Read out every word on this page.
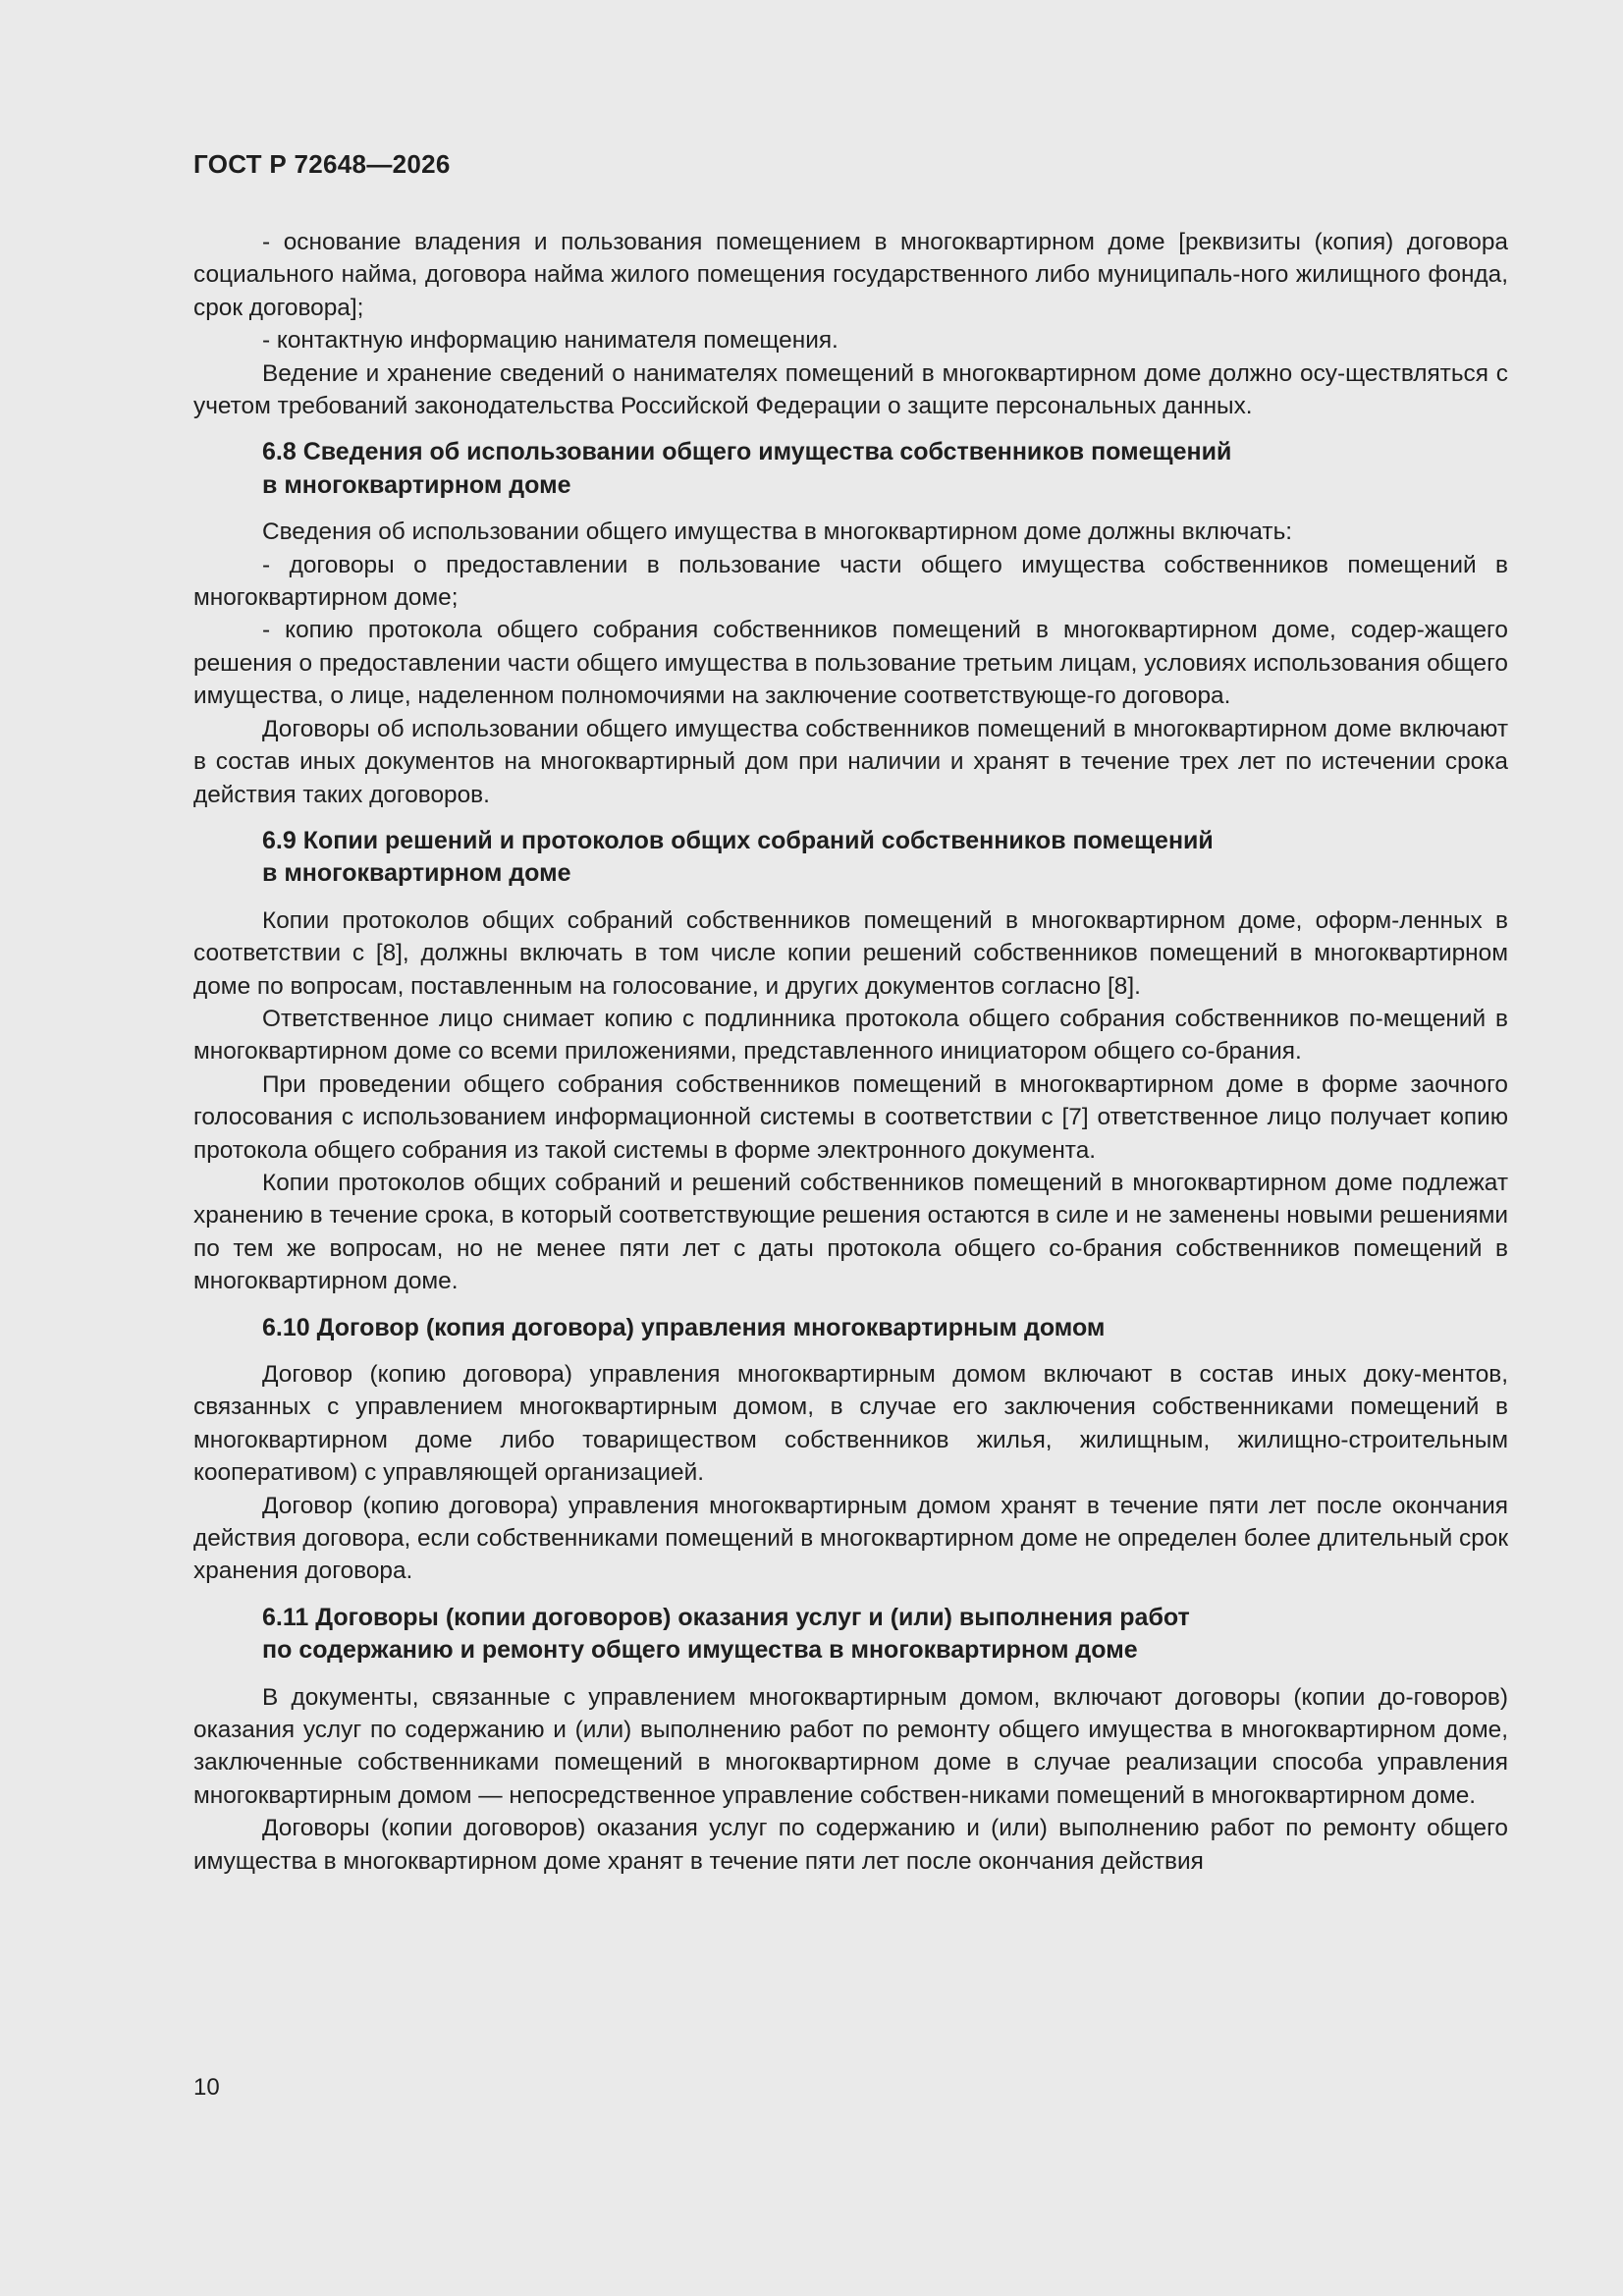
ГОСТ Р 72648—2026

- основание владения и пользования помещением в многоквартирном доме [реквизиты (копия) договора социального найма, договора найма жилого помещения государственного либо муниципаль-ного жилищного фонда, срок договора];

- контактную информацию нанимателя помещения.

Ведение и хранение сведений о нанимателях помещений в многоквартирном доме должно осу-ществляться с учетом требований законодательства Российской Федерации о защите персональных данных.

6.8 Сведения об использовании общего имущества собственников помещений
в многоквартирном доме

Сведения об использовании общего имущества в многоквартирном доме должны включать:

- договоры о предоставлении в пользование части общего имущества собственников помещений в многоквартирном доме;

- копию протокола общего собрания собственников помещений в многоквартирном доме, содер-жащего решения о предоставлении части общего имущества в пользование третьим лицам, условиях использования общего имущества, о лице, наделенном полномочиями на заключение соответствующе-го договора.

Договоры об использовании общего имущества собственников помещений в многоквартирном доме включают в состав иных документов на многоквартирный дом при наличии и хранят в течение трех лет по истечении срока действия таких договоров.

6.9 Копии решений и протоколов общих собраний собственников помещений
в многоквартирном доме

Копии протоколов общих собраний собственников помещений в многоквартирном доме, оформ-ленных в соответствии с [8], должны включать в том числе копии решений собственников помещений в многоквартирном доме по вопросам, поставленным на голосование, и других документов согласно [8].

Ответственное лицо снимает копию с подлинника протокола общего собрания собственников по-мещений в многоквартирном доме со всеми приложениями, представленного инициатором общего со-брания.

При проведении общего собрания собственников помещений в многоквартирном доме в форме заочного голосования с использованием информационной системы в соответствии с [7] ответственное лицо получает копию протокола общего собрания из такой системы в форме электронного документа.

Копии протоколов общих собраний и решений собственников помещений в многоквартирном доме подлежат хранению в течение срока, в который соответствующие решения остаются в силе и не заменены новыми решениями по тем же вопросам, но не менее пяти лет с даты протокола общего со-брания собственников помещений в многоквартирном доме.

6.10 Договор (копия договора) управления многоквартирным домом

Договор (копию договора) управления многоквартирным домом включают в состав иных доку-ментов, связанных с управлением многоквартирным домом, в случае его заключения собственниками помещений в многоквартирном доме либо товариществом собственников жилья, жилищным, жилищно-строительным кооперативом) с управляющей организацией.

Договор (копию договора) управления многоквартирным домом хранят в течение пяти лет после окончания действия договора, если собственниками помещений в многоквартирном доме не определен более длительный срок хранения договора.

6.11 Договоры (копии договоров) оказания услуг и (или) выполнения работ
по содержанию и ремонту общего имущества в многоквартирном доме

В документы, связанные с управлением многоквартирным домом, включают договоры (копии до-говоров) оказания услуг по содержанию и (или) выполнению работ по ремонту общего имущества в многоквартирном доме, заключенные собственниками помещений в многоквартирном доме в случае реализации способа управления многоквартирным домом — непосредственное управление собствен-никами помещений в многоквартирном доме.

Договоры (копии договоров) оказания услуг по содержанию и (или) выполнению работ по ремонту общего имущества в многоквартирном доме хранят в течение пяти лет после окончания действия

10
